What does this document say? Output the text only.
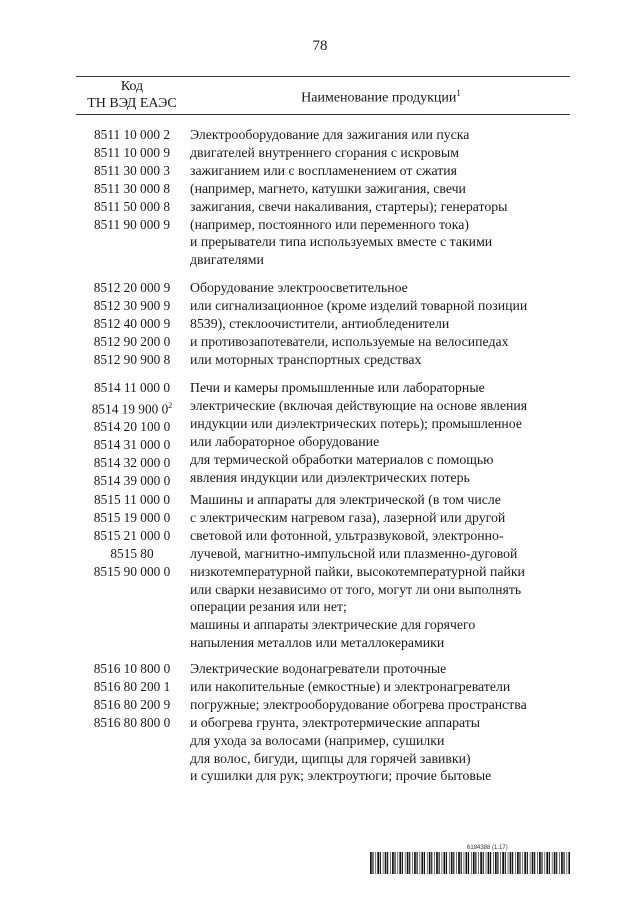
78
Код
ТН ВЭД ЕАЭС	Наименование продукции$^1$
8511 10 000 2
8511 10 000 9
8511 30 000 3
8511 30 000 8
8511 50 000 8
8511 90 000 9
Электрооборудование для зажигания или пуска
двигателей внутреннего сгорания с искровым
зажиганием или с воспламенением от сжатия
(например, магнето, катушки зажигания, свечи
зажигания, свечи накаливания, стартеры); генераторы
(например, постоянного или переменного тока)
и прерыватели типа используемых вместе с такими
двигателями
8512 20 000 9
8512 30 900 9
8512 40 000 9
8512 90 200 0
8512 90 900 8
Оборудование электроосветительное
или сигнализационное (кроме изделий товарной позиции
8539), стеклоочистители, антиобледенители
и противозапотеватели, используемые на велосипедах
или моторных транспортных средствах
8514 11 000 0
8514 19 900 $0^2$
8514 20 100 0
8514 31 000 0
8514 32 000 0
8514 39 000 0
Печи и камеры промышленные или лабораторные
электрические (включая действующие на основе явления
индукции или диэлектрических потерь); промышленное
или лабораторное оборудование
для термической обработки материалов с помощью
явления индукции или диэлектрических потерь
8515 11 000 0
8515 19 000 0
8515 21 000 0
8515 80
8515 90 000 0
Машины и аппараты для электрической (в том числе
с электрическим нагревом газа), лазерной или другой
световой или фотонной, ультразвуковой, электронно-
лучевой, магнитно-импульсной или плазменно-дуговой
низкотемпературной пайки, высокотемпературной пайки
или сварки независимо от того, могут ли они выполнять
операции резания или нет;
машины и аппараты электрические для горячего
напыления металлов или металлокерамики
8516 10 800 0
8516 80 200 1
8516 80 200 9
8516 80 800 0
Электрические водонагреватели проточные
или накопительные (емкостные) и электронагреватели
погружные; электрооборудование обогрева пространства
и обогрева грунта, электротермические аппараты
для ухода за волосами (например, сушилки
для волос, бигуди, щипцы для горячей завивки)
и сушилки для рук; электроутюги; прочие бытовые
6184388 (1.17)
